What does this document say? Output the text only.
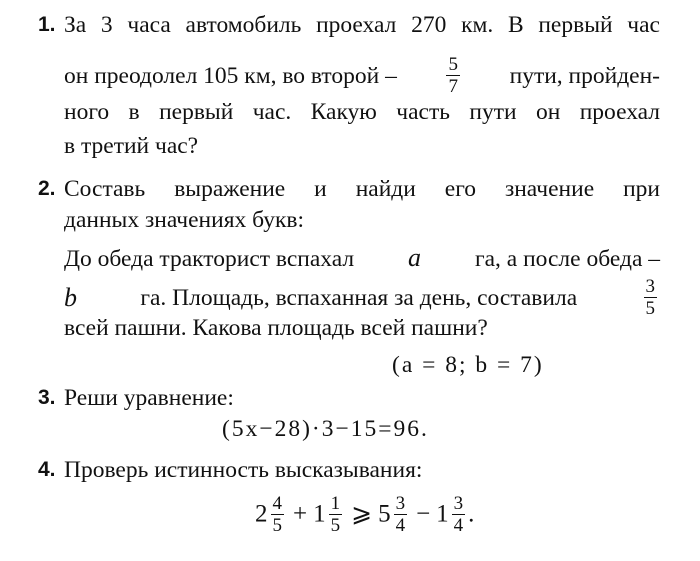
1. За 3 часа автомобиль проехал 270 км. В первый час
он преодолел 105 км, во второй –	$\frac{5}{7}$ пути, пройден-
ного в первый час. Какую часть пути он проехал
в третий час?
2. Составь выражение и найди его значение при
данных значениях букв:
До обеда тракторист вспахал a га, а после обеда –
b	га. Площадь, вспаханная за день, составила	$\frac{3}{5}$
всей пашни. Какова площадь всей пашни?
(a = 8; b = 7)
3. Реши уравнение:
(5x−28)·3−15=96.
4. Проверь истинность высказывания:
$2 \frac{4}{5} + 1 \frac{1}{5}$ ⩾ $5 \frac{3}{4} - 1 \frac{3}{4}$ .
